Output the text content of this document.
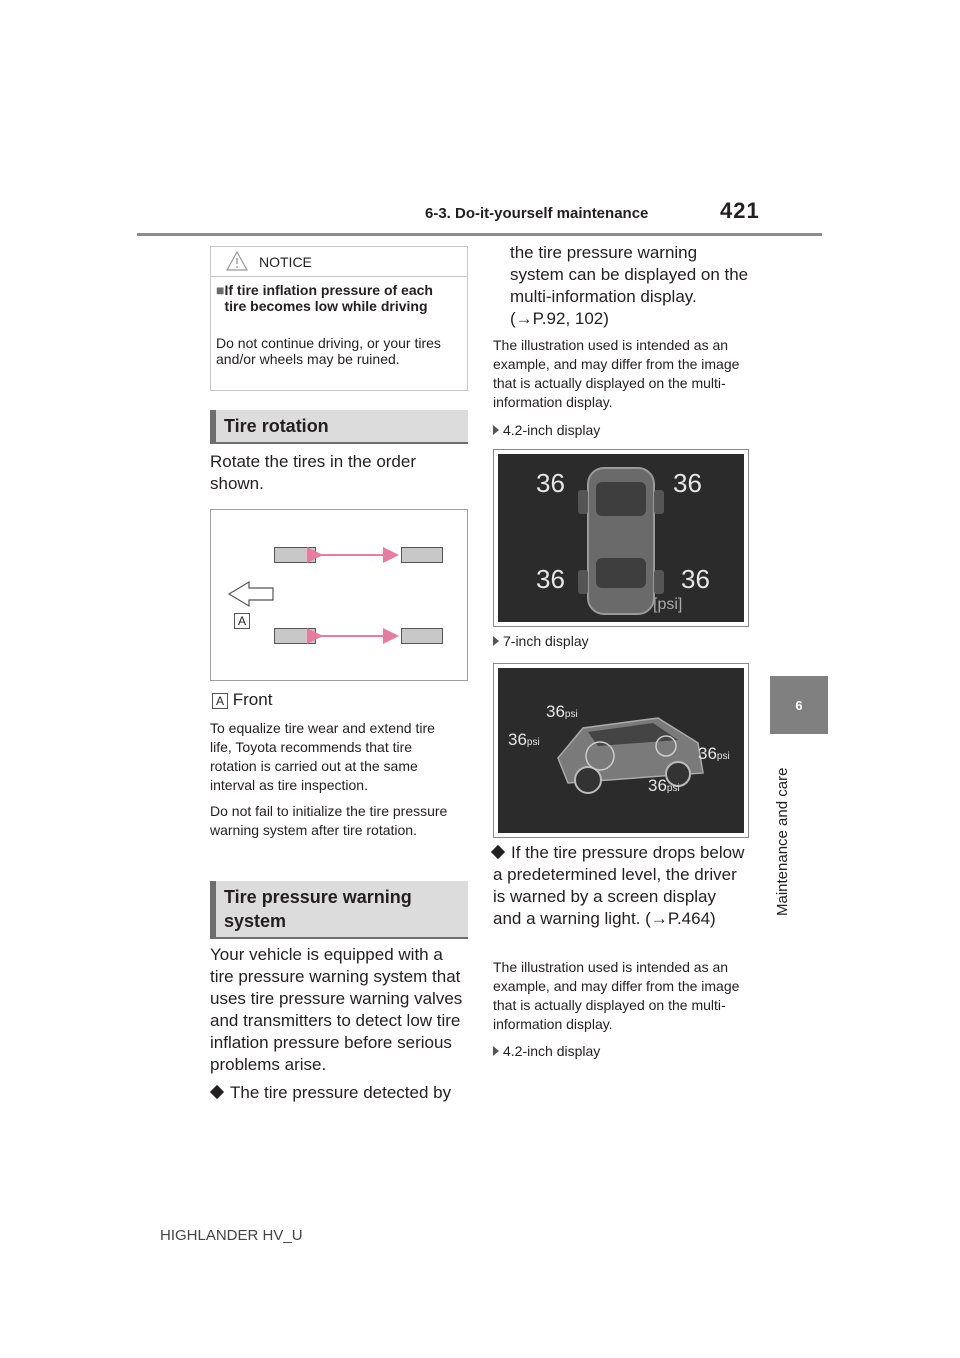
6-3. Do-it-yourself maintenance	421
6
Maintenance and care
NOTICE
■If tire inflation pressure of each tire becomes low while driving
Do not continue driving, or your tires and/or wheels may be ruined.
Tire rotation
Rotate the tires in the order shown.
A
A Front
To equalize tire wear and extend tire life, Toyota recommends that tire rotation is carried out at the same interval as tire inspection.
Do not fail to initialize the tire pressure warning system after tire rotation.
Tire pressure warning system
Your vehicle is equipped with a tire pressure warning system that uses tire pressure warning valves and transmitters to detect low tire inflation pressure before serious problems arise.
The tire pressure detected by
the tire pressure warning system can be displayed on the multi-information display.
(→P.92, 102)
The illustration used is intended as an example, and may differ from the image that is actually displayed on the multi-information display.
4.2-inch display
36	36
36	36
[psi]
7-inch display
36psi
36psi
36psi
36psi
If the tire pressure drops below a predetermined level, the driver is warned by a screen display and a warning light. (→P.464)
The illustration used is intended as an example, and may differ from the image that is actually displayed on the multi-information display.
4.2-inch display
HIGHLANDER HV_U
